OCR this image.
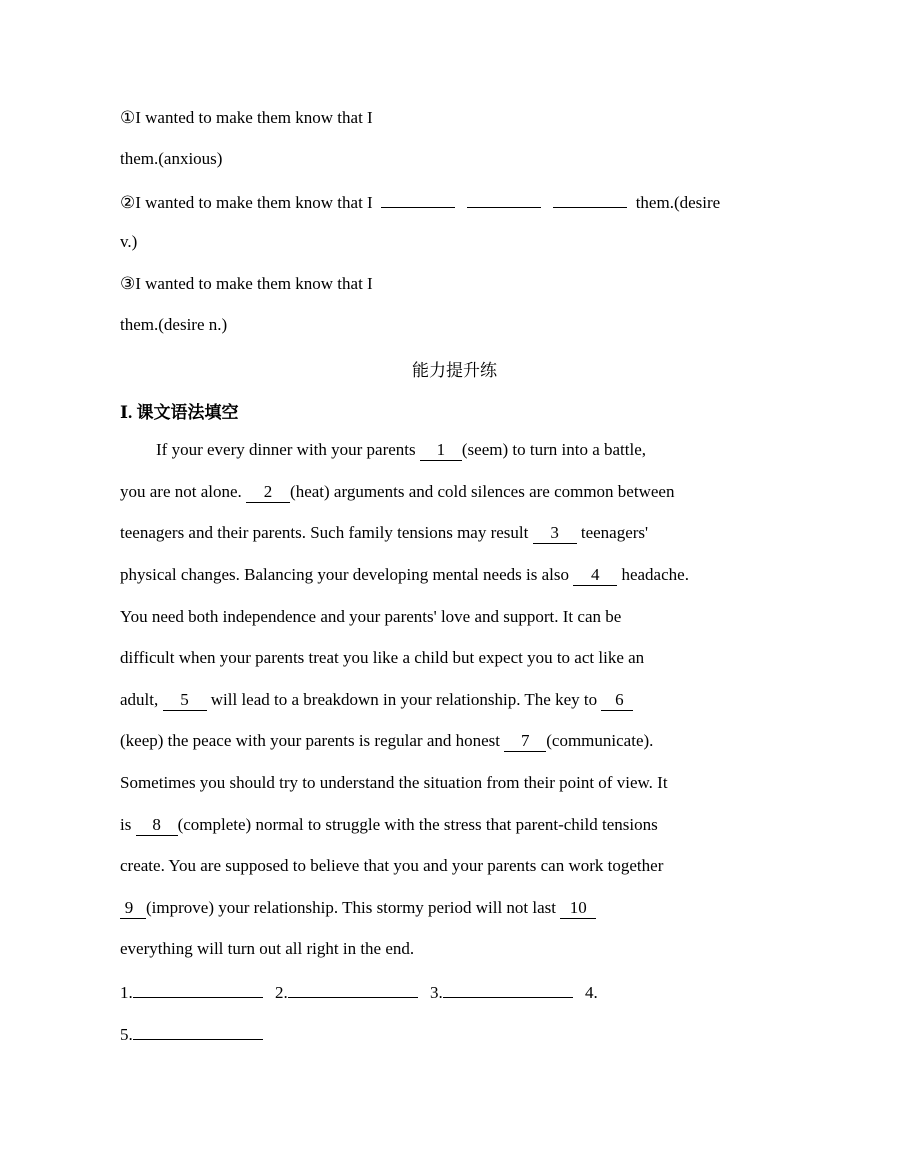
①I wanted to make them know that I
them.(anxious)
②I wanted to make them know that I	them.(desire
v.)
③I wanted to make them know that I
them.(desire n.)
能力提升练
Ⅰ. 课文语法填空
If your every dinner with your parents 1 (seem) to turn into a battle,
you are not alone. 2 (heat) arguments and cold silences are common between
teenagers and their parents. Such family tensions may result 3 teenagers'
physical changes. Balancing your developing mental needs is also 4 headache.
You need both independence and your parents' love and support. It can be
difficult when your parents treat you like a child but expect you to act like an
adult, 5 will lead to a breakdown in your relationship. The key to 6
(keep) the peace with your parents is regular and honest 7 (communicate).
Sometimes you should try to understand the situation from their point of view. It
is 8 (complete) normal to struggle with the stress that parent-child tensions
create. You are supposed to believe that you and your parents can work together
9 (improve) your relationship. This stormy period will not last 10
everything will turn out all right in the end.
1.	2.	3.	4.
5.
